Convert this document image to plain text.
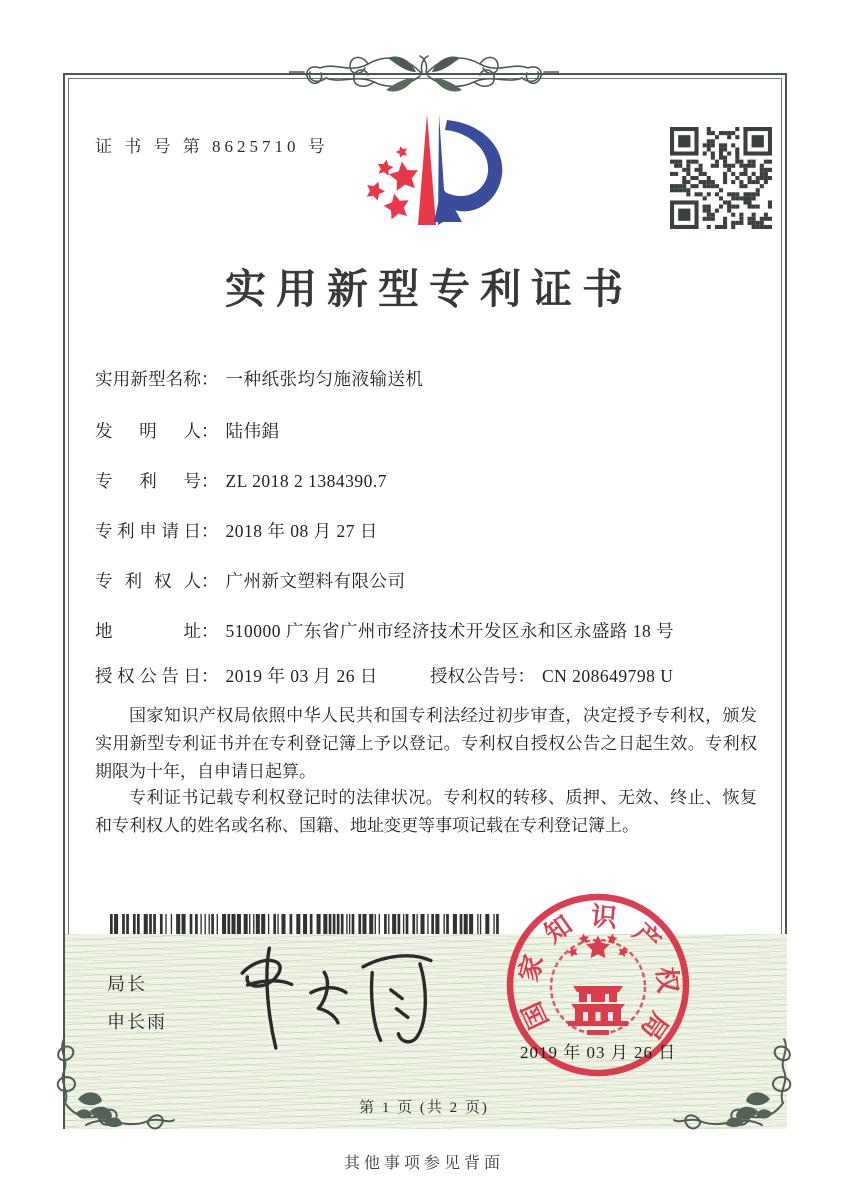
证 书 号 第 8625710 号
实用新型专利证书
实用新型名称： 一种纸张均匀施液输送机
发明人： 陆伟錩
专利号： ZL 2018 2 1384390.7
专利申请日： 2018 年 08 月 27 日
专利权人： 广州新文塑料有限公司
地址： 510000 广东省广州市经济技术开发区永和区永盛路 18 号
授权公告日： 2019 年 03 月 26 日	授权公告号： CN 208649798 U

国家知识产权局依照中华人民共和国专利法经过初步审查，决定授予专利权，颁发实用新型专利证书并在专利登记簿上予以登记。专利权自授权公告之日起生效。专利权期限为十年，自申请日起算。

专利证书记载专利权登记时的法律状况。专利权的转移、质押、无效、终止、恢复和专利权人的姓名或名称、国籍、地址变更等事项记载在专利登记簿上。

局长
申长雨	国
家
知 识
产
权
局
2019 年 03 月 26 日
第 1 页 (共 2 页)
其他事项参见背面
